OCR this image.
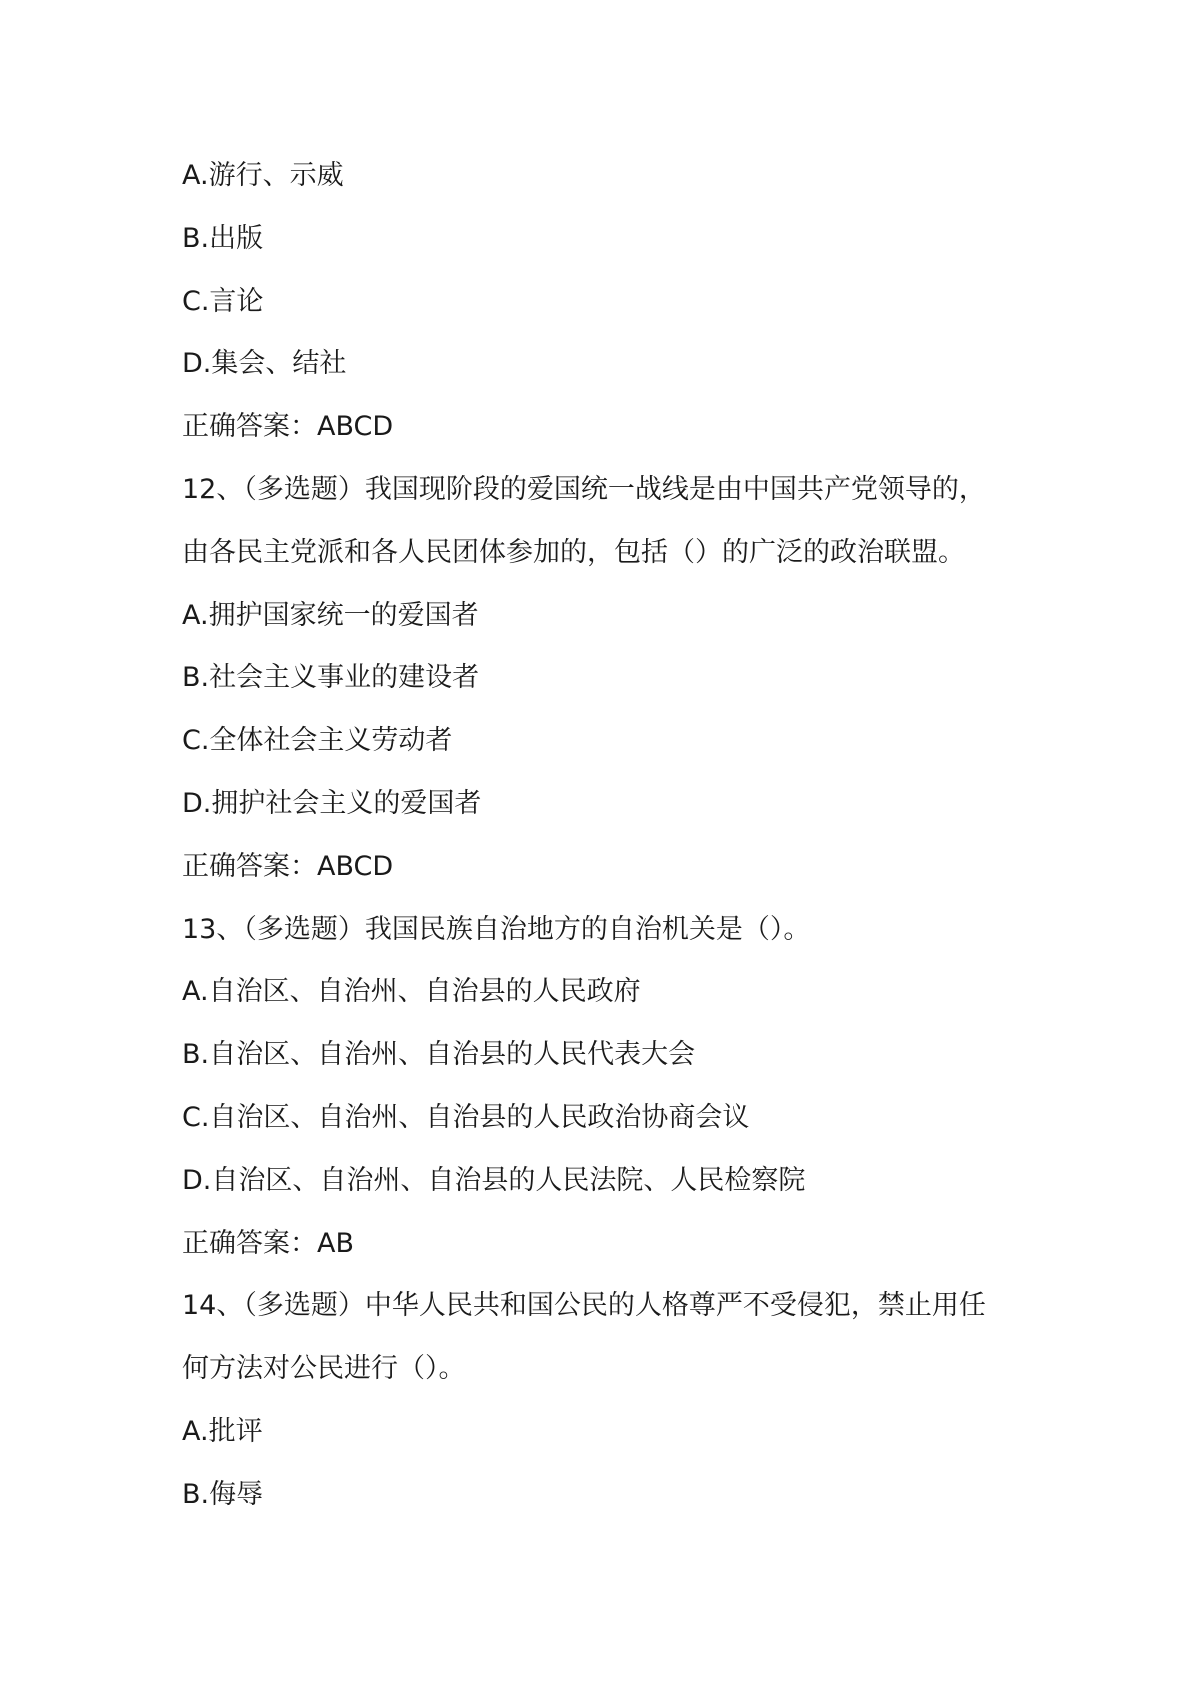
A.游行、示威

B.出版

C.言论

D.集会、结社

正确答案：ABCD

12、（多选题）我国现阶段的爱国统一战线是由中国共产党领导的，

由各民主党派和各人民团体参加的，包括（）的广泛的政治联盟。

A.拥护国家统一的爱国者

B.社会主义事业的建设者

C.全体社会主义劳动者

D.拥护社会主义的爱国者

正确答案：ABCD

13、（多选题）我国民族自治地方的自治机关是（）。

A.自治区、自治州、自治县的人民政府

B.自治区、自治州、自治县的人民代表大会

C.自治区、自治州、自治县的人民政治协商会议

D.自治区、自治州、自治县的人民法院、人民检察院

正确答案：AB

14、（多选题）中华人民共和国公民的人格尊严不受侵犯，禁止用任

何方法对公民进行（）。

A.批评

B.侮辱
